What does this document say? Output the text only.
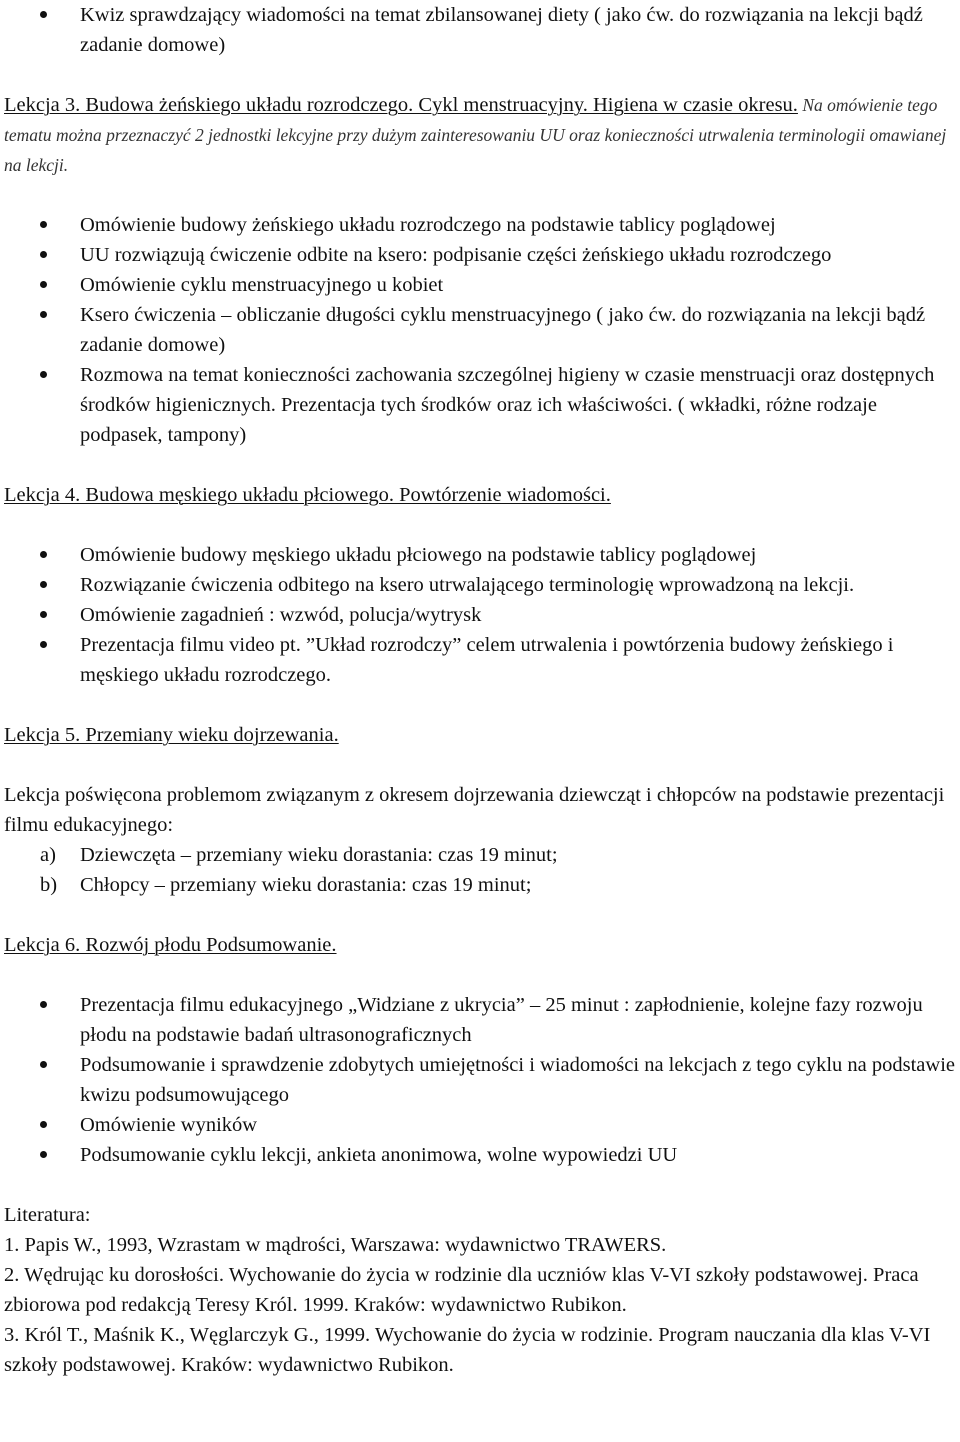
Kwiz sprawdzający wiadomości na temat zbilansowanej diety ( jako ćw. do rozwiązania na lekcji bądź zadanie domowe)

Lekcja 3. Budowa żeńskiego układu rozrodczego. Cykl menstruacyjny. Higiena w czasie okresu. Na omówienie tego tematu można przeznaczyć 2 jednostki lekcyjne przy dużym zainteresowaniu UU oraz konieczności utrwalenia terminologii omawianej na lekcji.

Omówienie budowy żeńskiego układu rozrodczego na podstawie tablicy poglądowej
UU rozwiązują ćwiczenie odbite na ksero: podpisanie części żeńskiego układu rozrodczego
Omówienie cyklu menstruacyjnego u kobiet
Ksero ćwiczenia – obliczanie długości cyklu menstruacyjnego ( jako ćw. do rozwiązania na lekcji bądź zadanie domowe)
Rozmowa na temat konieczności zachowania szczególnej higieny w czasie menstruacji oraz dostępnych środków higienicznych. Prezentacja tych środków oraz ich właściwości. ( wkładki, różne rodzaje podpasek, tampony)

Lekcja 4. Budowa męskiego układu płciowego. Powtórzenie wiadomości.

Omówienie budowy męskiego układu płciowego na podstawie tablicy poglądowej
Rozwiązanie ćwiczenia odbitego na ksero utrwalającego terminologię wprowadzoną na lekcji.
Omówienie zagadnień : wzwód, polucja/wytrysk
Prezentacja filmu video pt. ”Układ rozrodczy” celem utrwalenia i powtórzenia budowy żeńskiego i męskiego układu rozrodczego.

Lekcja 5. Przemiany wieku dojrzewania.

Lekcja poświęcona problemom związanym z okresem dojrzewania dziewcząt i chłopców na podstawie prezentacji filmu edukacyjnego:

a) Dziewczęta – przemiany wieku dorastania: czas 19 minut;
b) Chłopcy – przemiany wieku dorastania: czas 19 minut;

Lekcja 6. Rozwój płodu Podsumowanie.

Prezentacja filmu edukacyjnego „Widziane z ukrycia” – 25 minut : zapłodnienie, kolejne fazy rozwoju płodu na podstawie badań ultrasonograficznych
Podsumowanie i sprawdzenie zdobytych umiejętności i wiadomości na lekcjach z tego cyklu na podstawie kwizu podsumowującego
Omówienie wyników
Podsumowanie cyklu lekcji, ankieta anonimowa, wolne wypowiedzi UU

Literatura:

1. Papis W., 1993, Wzrastam w mądrości, Warszawa: wydawnictwo TRAWERS.

2. Wędrując ku dorosłości. Wychowanie do życia w rodzinie dla uczniów klas V-VI szkoły podstawowej. Praca zbiorowa pod redakcją Teresy Król. 1999. Kraków: wydawnictwo Rubikon.

3. Król T., Maśnik K., Węglarczyk G., 1999. Wychowanie do życia w rodzinie. Program nauczania dla klas V-VI szkoły podstawowej. Kraków: wydawnictwo Rubikon.
